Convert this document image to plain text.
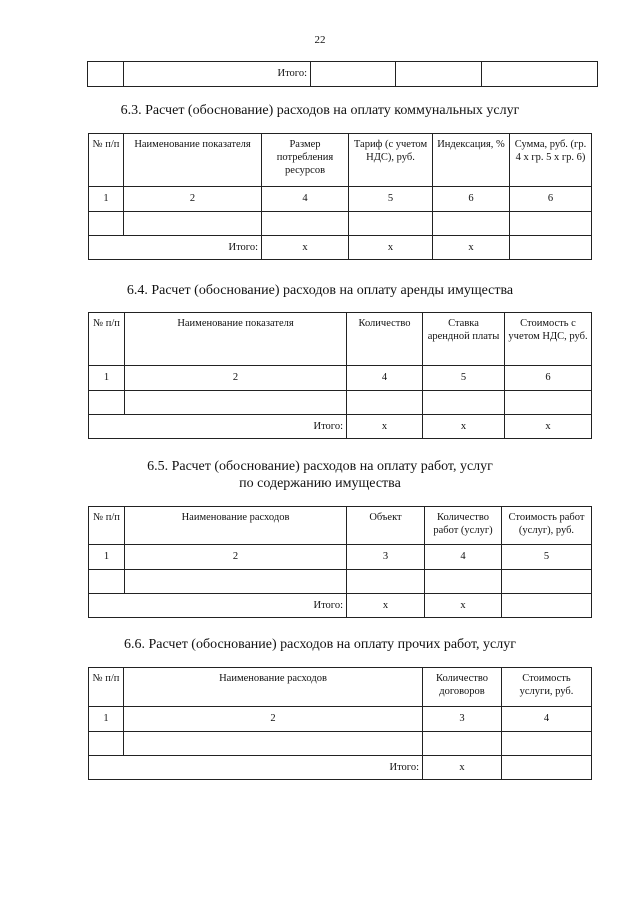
22
	Итого:			
6.3. Расчет (обоснование) расходов на оплату коммунальных услуг
№ п/п	Наименование показателя	Размер потребления ресурсов	Тариф (с учетом НДС), руб.	Индексация, %	Сумма, руб. (гр. 4 x гр. 5 x гр. 6)
1	2	4	5	6	6

Итого:		x	x	x	
6.4. Расчет (обоснование) расходов на оплату аренды имущества
№ п/п	Наименование показателя	Количество	Ставка арендной платы	Стоимость с учетом НДС, руб.
1	2	4	5	6

Итого:		x	x	x
6.5. Расчет (обоснование) расходов на оплату работ, услуг
по содержанию имущества
№ п/п	Наименование расходов	Объект	Количество работ (услуг)	Стоимость работ (услуг), руб.
1	2	3	4	5

Итого:		x	x	
6.6. Расчет (обоснование) расходов на оплату прочих работ, услуг
№ п/п	Наименование расходов	Количество договоров	Стоимость услуги, руб.
1	2	3	4

Итого:		x	
